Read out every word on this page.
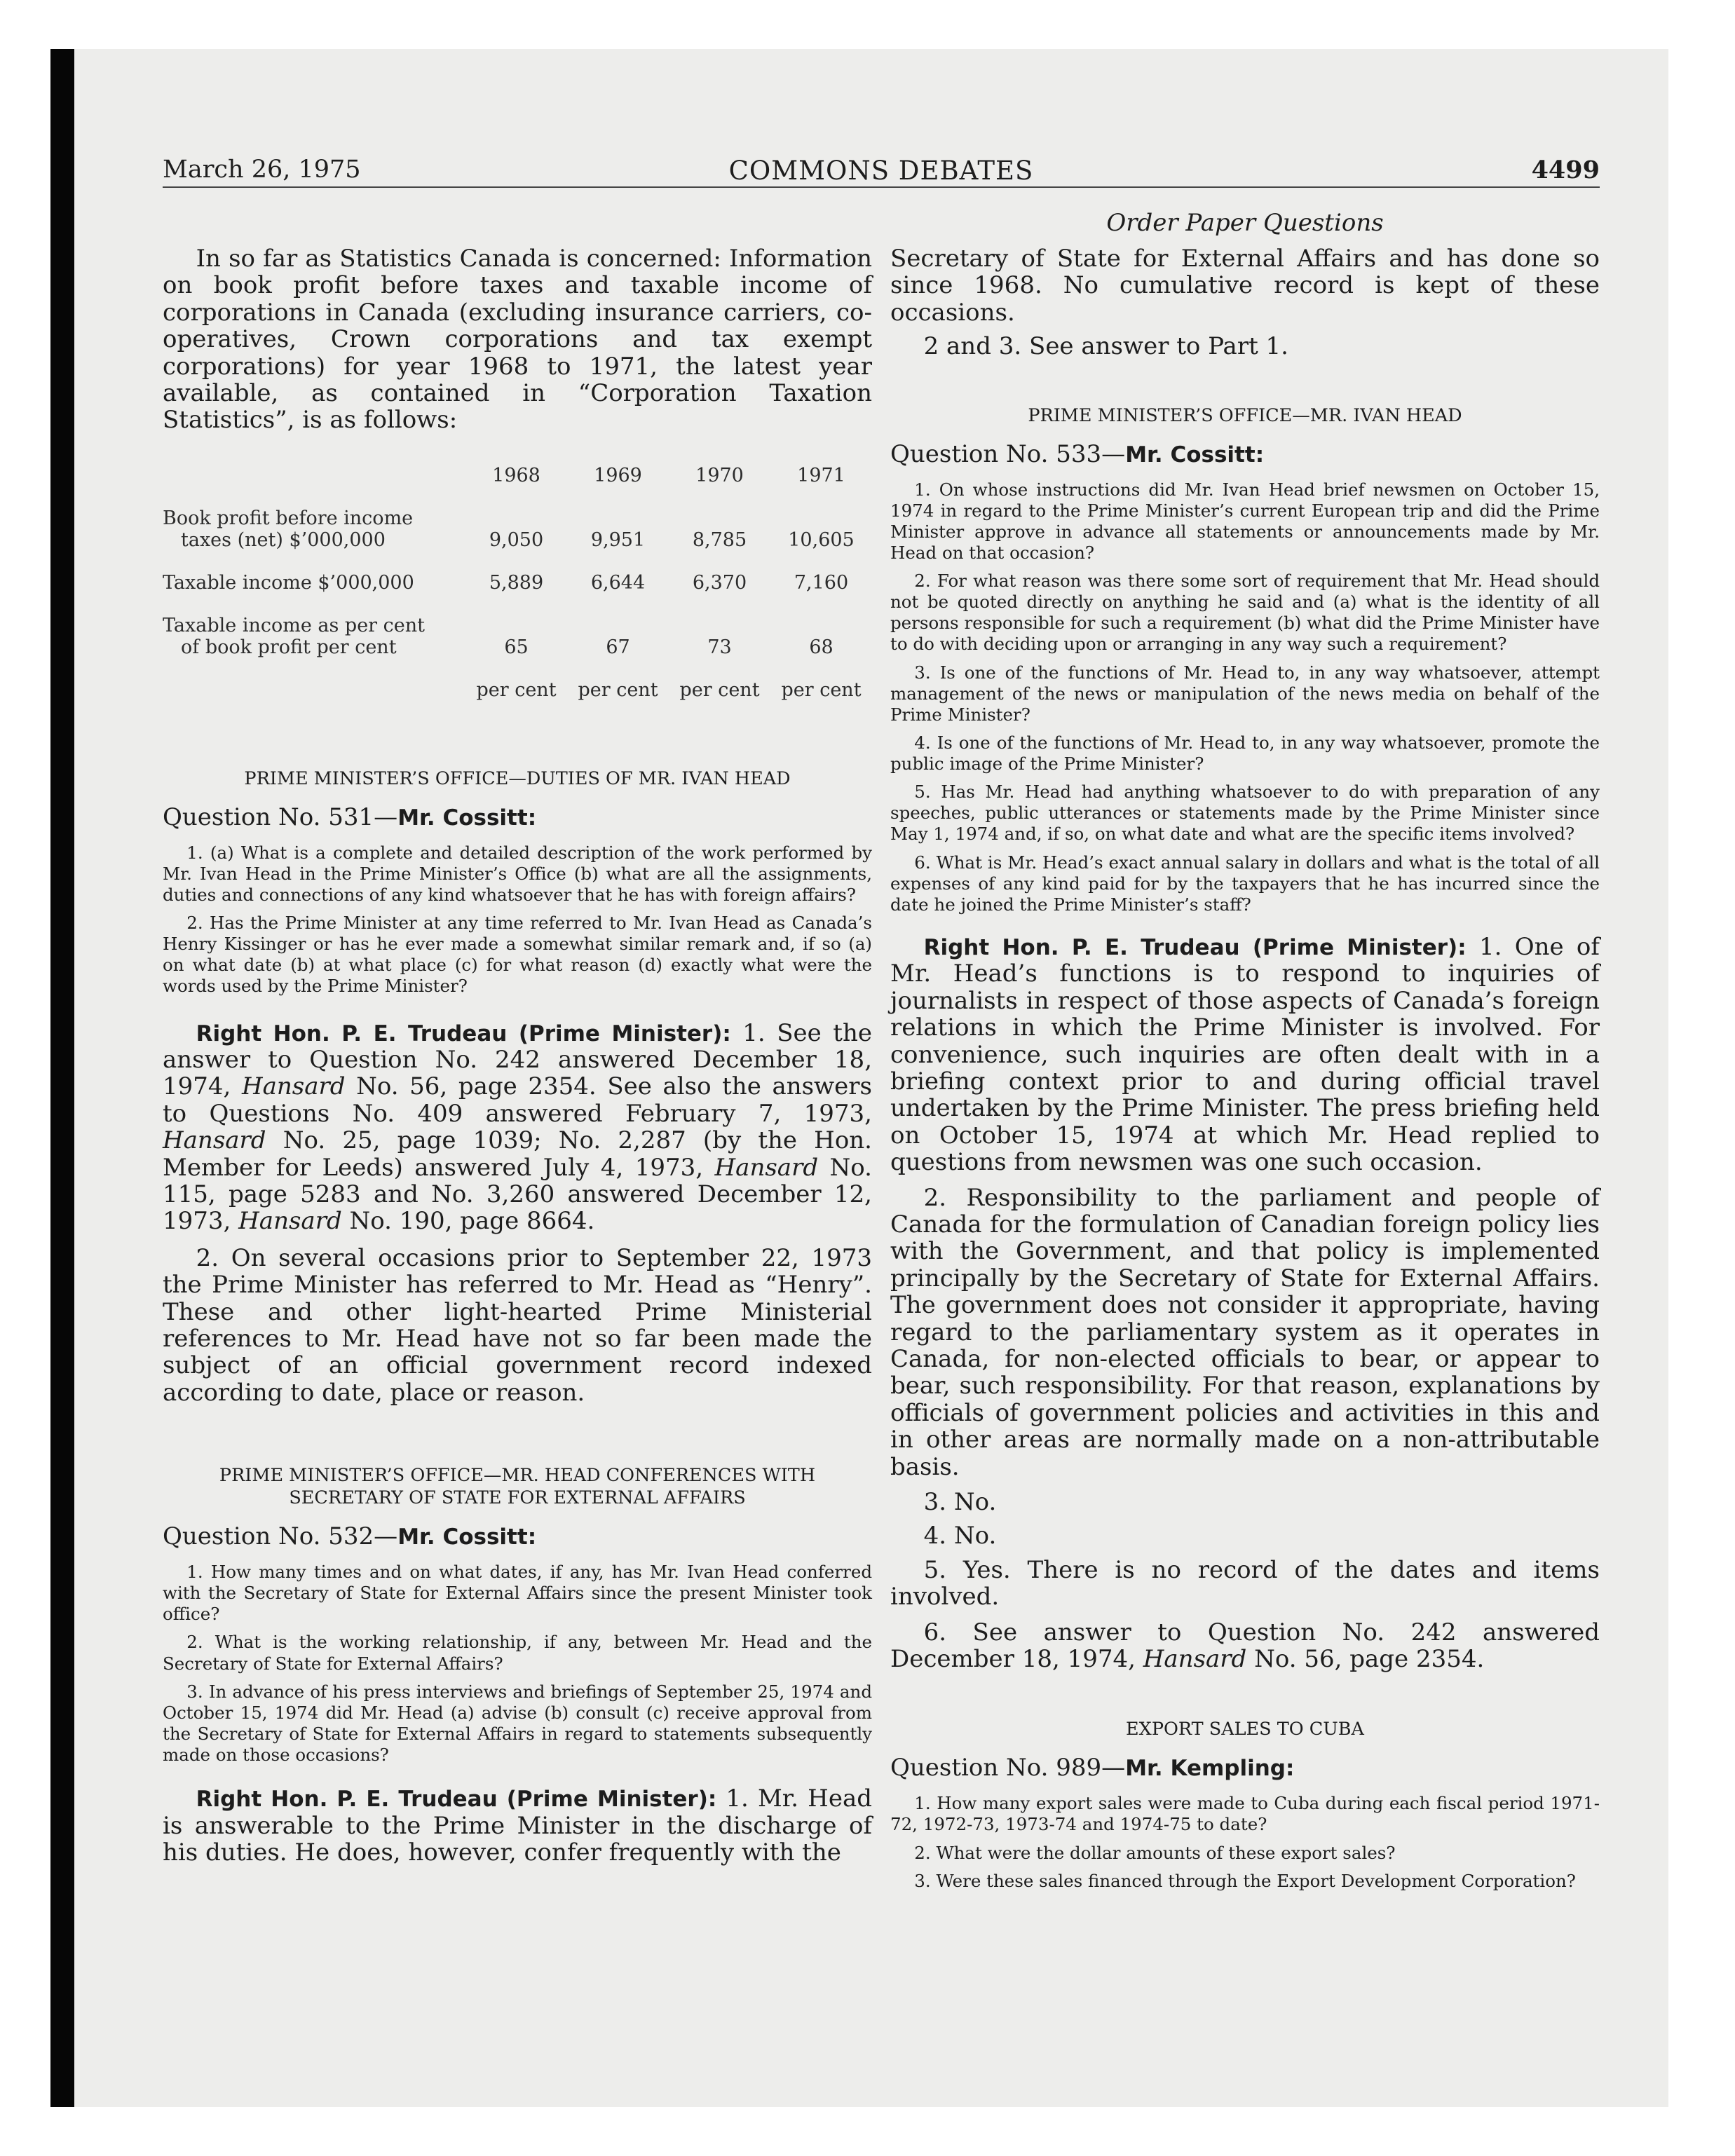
March 26, 1975	COMMONS DEBATES	4499
Order Paper Questions

In so far as Statistics Canada is concerned: Information on book profit before taxes and taxable income of corporations in Canada (excluding insurance carriers, co-operatives, Crown corporations and tax exempt corporations) for year 1968 to 1971, the latest year available, as contained in “Corporation Taxation Statistics”, is as follows:

	1968	1969	1970	1971

Book profit before income
taxes (net) $’000,000	9,050	9,951	8,785	10,605

Taxable income $’000,000	5,889	6,644	6,370	7,160

Taxable income as per cent
of book profit per cent	65	67	73	68

	per cent	per cent	per cent	per cent
PRIME MINISTER’S OFFICE—DUTIES OF MR. IVAN HEAD

Question No. 531—Mr. Cossitt:

1. (a) What is a complete and detailed description of the work performed by Mr. Ivan Head in the Prime Minister’s Office (b) what are all the assignments, duties and connections of any kind whatsoever that he has with foreign affairs?

2. Has the Prime Minister at any time referred to Mr. Ivan Head as Canada’s Henry Kissinger or has he ever made a somewhat similar remark and, if so (a) on what date (b) at what place (c) for what reason (d) exactly what were the words used by the Prime Minister?

Right Hon. P. E. Trudeau (Prime Minister): 1. See the answer to Question No. 242 answered December 18, 1974, Hansard No. 56, page 2354. See also the answers to Questions No. 409 answered February 7, 1973, Hansard No. 25, page 1039; No. 2,287 (by the Hon. Member for Leeds) answered July 4, 1973, Hansard No. 115, page 5283 and No. 3,260 answered December 12, 1973, Hansard No. 190, page 8664.

2. On several occasions prior to September 22, 1973 the Prime Minister has referred to Mr. Head as “Henry”. These and other light-hearted Prime Ministerial references to Mr. Head have not so far been made the subject of an official government record indexed according to date, place or reason.

PRIME MINISTER’S OFFICE—MR. HEAD CONFERENCES WITH
SECRETARY OF STATE FOR EXTERNAL AFFAIRS

Question No. 532—Mr. Cossitt:

1. How many times and on what dates, if any, has Mr. Ivan Head conferred with the Secretary of State for External Affairs since the present Minister took office?

2. What is the working relationship, if any, between Mr. Head and the Secretary of State for External Affairs?

3. In advance of his press interviews and briefings of September 25, 1974 and October 15, 1974 did Mr. Head (a) advise (b) consult (c) receive approval from the Secretary of State for External Affairs in regard to statements subsequently made on those occasions?

Right Hon. P. E. Trudeau (Prime Minister): 1. Mr. Head is answerable to the Prime Minister in the discharge of his duties. He does, however, confer frequently with the

Secretary of State for External Affairs and has done so since 1968. No cumulative record is kept of these occasions.

2 and 3. See answer to Part 1.

PRIME MINISTER’S OFFICE—MR. IVAN HEAD

Question No. 533—Mr. Cossitt:

1. On whose instructions did Mr. Ivan Head brief newsmen on October 15, 1974 in regard to the Prime Minister’s current European trip and did the Prime Minister approve in advance all statements or announcements made by Mr. Head on that occasion?

2. For what reason was there some sort of requirement that Mr. Head should not be quoted directly on anything he said and (a) what is the identity of all persons responsible for such a requirement (b) what did the Prime Minister have to do with deciding upon or arranging in any way such a requirement?

3. Is one of the functions of Mr. Head to, in any way whatsoever, attempt management of the news or manipulation of the news media on behalf of the Prime Minister?

4. Is one of the functions of Mr. Head to, in any way whatsoever, promote the public image of the Prime Minister?

5. Has Mr. Head had anything whatsoever to do with preparation of any speeches, public utterances or statements made by the Prime Minister since May 1, 1974 and, if so, on what date and what are the specific items involved?

6. What is Mr. Head’s exact annual salary in dollars and what is the total of all expenses of any kind paid for by the taxpayers that he has incurred since the date he joined the Prime Minister’s staff?

Right Hon. P. E. Trudeau (Prime Minister): 1. One of Mr. Head’s functions is to respond to inquiries of journalists in respect of those aspects of Canada’s foreign relations in which the Prime Minister is involved. For convenience, such inquiries are often dealt with in a briefing context prior to and during official travel undertaken by the Prime Minister. The press briefing held on October 15, 1974 at which Mr. Head replied to questions from newsmen was one such occasion.

2. Responsibility to the parliament and people of Canada for the formulation of Canadian foreign policy lies with the Government, and that policy is implemented principally by the Secretary of State for External Affairs. The government does not consider it appropriate, having regard to the parliamentary system as it operates in Canada, for non-elected officials to bear, or appear to bear, such responsibility. For that reason, explanations by officials of government policies and activities in this and in other areas are normally made on a non-attributable basis.

3. No.

4. No.

5. Yes. There is no record of the dates and items involved.

6. See answer to Question No. 242 answered December 18, 1974, Hansard No. 56, page 2354.

EXPORT SALES TO CUBA

Question No. 989—Mr. Kempling:

1. How many export sales were made to Cuba during each fiscal period 1971-72, 1972-73, 1973-74 and 1974-75 to date?

2. What were the dollar amounts of these export sales?

3. Were these sales financed through the Export Development Corporation?
